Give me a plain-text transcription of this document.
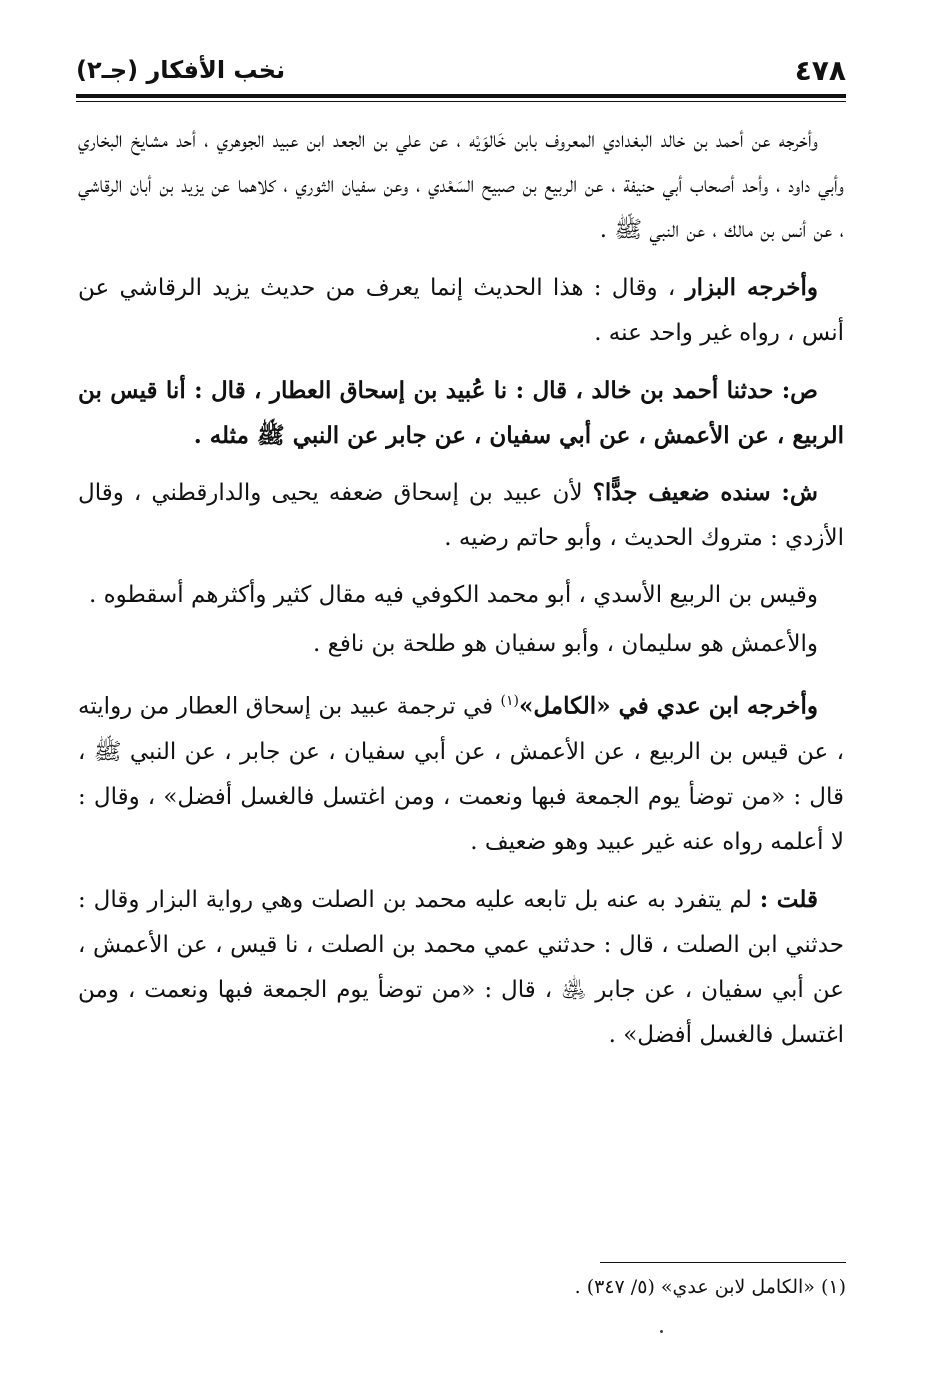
٤٧٨
نخب الأفكار (جـ٢)

وأخرجه عن أحمد بن خالد البغدادي المعروف بابن خَالوَيْه ، عن علي بن الجعد ابن عبيد الجوهري ، أحد مشايخ البخاري وأبي داود ، وأحد أصحاب أبي حنيفة ، عن الربيع بن صبيح السَعْدي ، وعن سفيان الثوري ، كلاهما عن يزيد بن أبان الرقاشي ، عن أنس بن مالك ، عن النبي ﷺ .

وأخرجه البزار ، وقال : هذا الحديث إنما يعرف من حديث يزيد الرقاشي عن أنس ، رواه غير واحد عنه .

ص: حدثنا أحمد بن خالد ، قال : نا عُبيد بن إسحاق العطار ، قال : أنا قيس بن الربيع ، عن الأعمش ، عن أبي سفيان ، عن جابر عن النبي ﷺ مثله .

ش: سنده ضعيف جدًّا؟ لأن عبيد بن إسحاق ضعفه يحيى والدارقطني ، وقال الأزدي : متروك الحديث ، وأبو حاتم رضيه .

وقيس بن الربيع الأسدي ، أبو محمد الكوفي فيه مقال كثير وأكثرهم أسقطوه .

والأعمش هو سليمان ، وأبو سفيان هو طلحة بن نافع .

وأخرجه ابن عدي في «الكامل»$^{(١)}$ في ترجمة عبيد بن إسحاق العطار من روايته ، عن قيس بن الربيع ، عن الأعمش ، عن أبي سفيان ، عن جابر ، عن النبي ﷺ ، قال : «من توضأ يوم الجمعة فبها ونعمت ، ومن اغتسل فالغسل أفضل» ، وقال : لا أعلمه رواه عنه غير عبيد وهو ضعيف .

قلت : لم يتفرد به عنه بل تابعه عليه محمد بن الصلت وهي رواية البزار وقال : حدثني ابن الصلت ، قال : حدثني عمي محمد بن الصلت ، نا قيس ، عن الأعمش ، عن أبي سفيان ، عن جابر ﵁ ، قال : «من توضأ يوم الجمعة فبها ونعمت ، ومن اغتسل فالغسل أفضل» .

(١) «الكامل لابن عدي» (٥/ ٣٤٧) .
